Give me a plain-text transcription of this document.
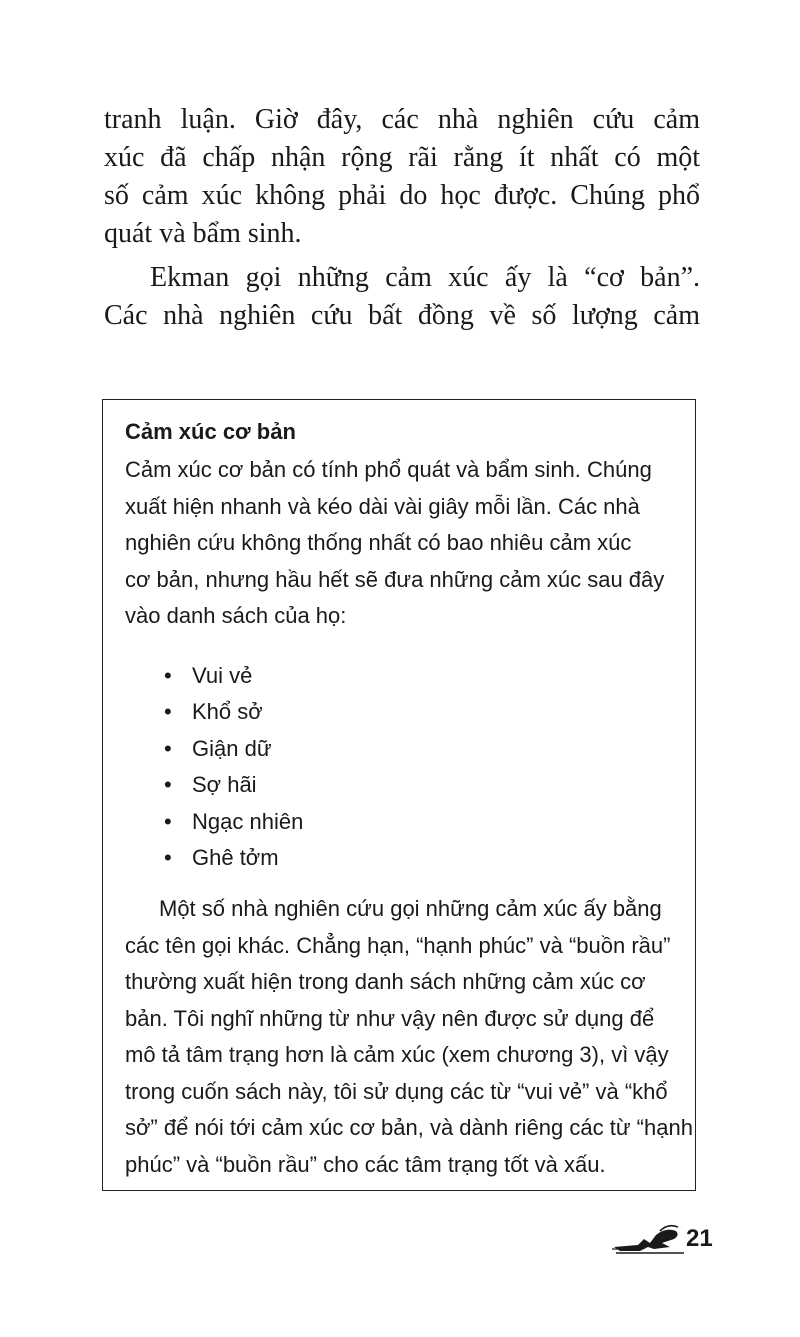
tranh luận. Giờ đây, các nhà nghiên cứu cảm
xúc đã chấp nhận rộng rãi rằng ít nhất có một
số cảm xúc không phải do học được. Chúng phổ
quát và bẩm sinh.
Ekman gọi những cảm xúc ấy là “cơ bản”.
Các nhà nghiên cứu bất đồng về số lượng cảm

Cảm xúc cơ bản

Cảm xúc cơ bản có tính phổ quát và bẩm sinh. Chúng
xuất hiện nhanh và kéo dài vài giây mỗi lần. Các nhà
nghiên cứu không thống nhất có bao nhiêu cảm xúc
cơ bản, nhưng hầu hết sẽ đưa những cảm xúc sau đây
vào danh sách của họ:
• Vui vẻ
• Khổ sở
• Giận dữ
• Sợ hãi
• Ngạc nhiên
• Ghê tởm
Một số nhà nghiên cứu gọi những cảm xúc ấy bằng
các tên gọi khác. Chẳng hạn, “hạnh phúc” và “buồn rầu”
thường xuất hiện trong danh sách những cảm xúc cơ
bản. Tôi nghĩ những từ như vậy nên được sử dụng để
mô tả tâm trạng hơn là cảm xúc (xem chương 3), vì vậy
trong cuốn sách này, tôi sử dụng các từ “vui vẻ” và “khổ
sở” để nói tới cảm xúc cơ bản, và dành riêng các từ “hạnh
phúc” và “buồn rầu” cho các tâm trạng tốt và xấu.
21
